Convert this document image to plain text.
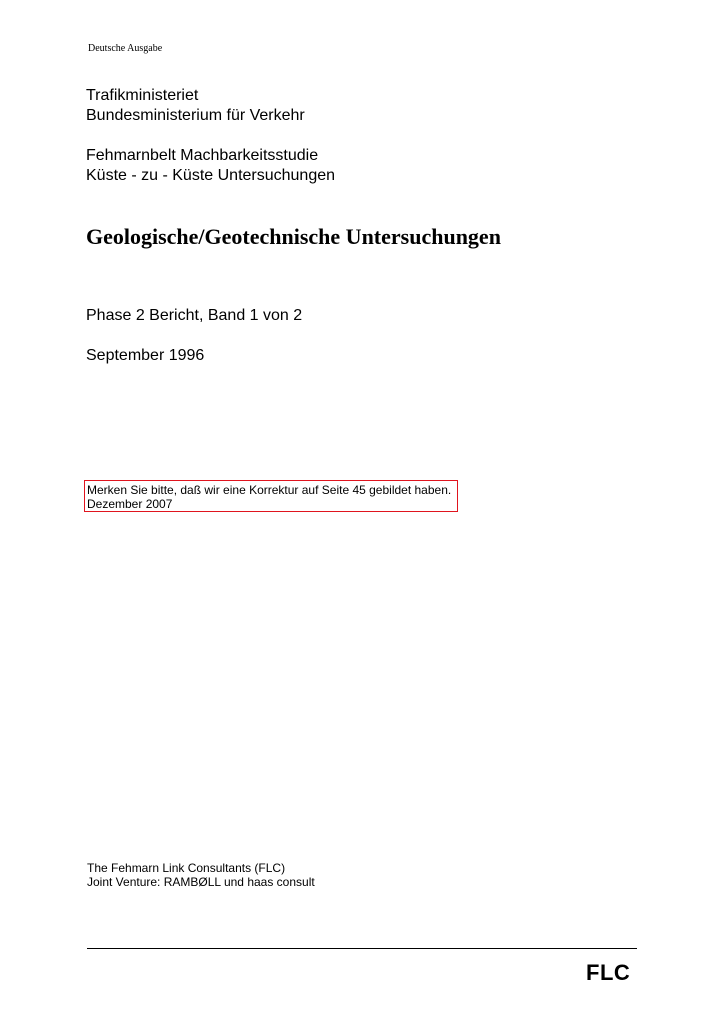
Deutsche Ausgabe
Trafikministeriet
Bundesministerium für Verkehr
Fehmarnbelt Machbarkeitsstudie
Küste - zu - Küste Untersuchungen
Geologische/Geotechnische Untersuchungen
Phase 2 Bericht, Band 1 von 2
September 1996
Merken Sie bitte, daß wir eine Korrektur auf Seite 45 gebildet haben.
Dezember 2007
The Fehmarn Link Consultants (FLC)
Joint Venture: RAMBØLL und haas consult
FLC
